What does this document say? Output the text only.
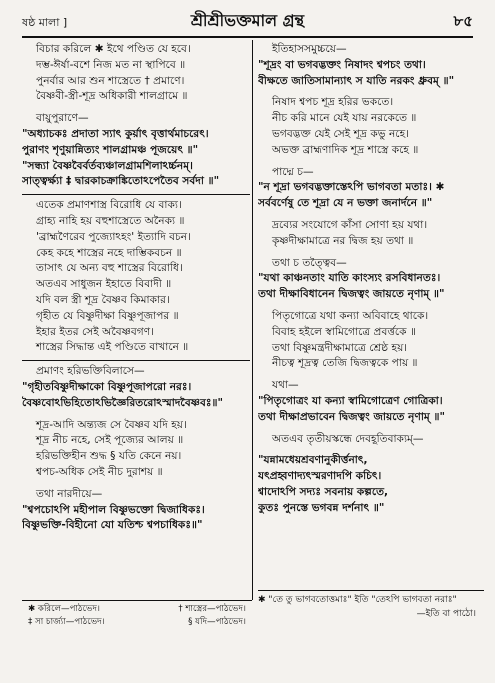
ষষ্ঠ মালা ]	শ্রীশ্রীভক্তমাল গ্রন্থ	৮৫
বিচার করিলে ✱ ইথে পণ্ডিত যে হবে।
দম্ভ-ঈর্ষা-বশে নিজ মত না স্থাপিবে ॥
পুনর্বার আর শুন শাস্ত্রেতে † প্রমাণে।
বৈষ্ণবী-স্ত্রী-শূদ্র অধিকারী শালগ্রামে ॥
বায়ুপুরাণে—
"অধ্যাচকঃ প্রদাতা স্যাৎ কুর্য়াৎ বৃত্তার্থমাচরেৎ।
পুরাণং শৃণুয়ান্নিত্যং শালগ্রামঞ্চ পূজয়েৎ ॥"
"সন্ধ্যা বৈষ্ণবৈর্বর্তব্যঞ্চালগ্রামশিলাঽর্চ্চনম্।
সাত্ত্বর্ক্ষ্যা ‡ দ্বারকাচক্রাঙ্কিতোঽপেতৈব সর্বদা ॥"
এতেক প্রমাণশাস্ত্র বিরোধি যে বাক্য।
গ্রাহ্য নাহি হয় বহুশাস্ত্রেতে অনৈক্য ॥
'ব্রাহ্মণৈরেব পুজ্যোঽহং' ইত্যাদি বচন।
কেহ কহে শাস্ত্রের নহে দাম্ভিকবচন ॥
তাসাৎ যে অন্য বহু শাস্ত্রের বিরোধি।
অতএব সাধুজন ইহাতে বিবাদী ॥
যদি বল স্ত্রী শূদ্র বৈষ্ণব কিমাকার।
গৃহীত যে বিষ্ণুদীক্ষা বিষ্ণুপূজাপর ॥
ইহার ইতর সেই অবৈষ্ণবগণ।
শাস্ত্রের সিদ্ধান্ত এই পণ্ডিতে বাখানে ॥
প্রমাণং হরিভক্তিবিলাসে—
"গৃহীতবিষ্ণুদীক্ষাকো বিষ্ণুপূজাপরো নরঃ।
বৈষ্ণবোঽভিহিতোঽভিজ্ঞৈরিতরোঽস্মাদবৈষ্ণবঃ॥"
শূদ্র-আদি অন্ত্যজ সে বৈষ্ণব যদি হয়।
শূদ্র নীচ নহে, সেই পূজ্যের আলয় ॥
হরিভক্তিহীন শুদ্ধ § যতি কেনে নয়।
শ্বপচ-অধিক সেই নীচ দুরাশয় ॥
তথা নারদীয়ে—
"শ্বপচোঽপি মহীপাল বিষ্ণুভক্তো দ্বিজাধিকঃ।
বিষ্ণুভক্তি-বিহীনো যো যতিশ্চ শ্বপচাধিকঃ॥"
ইতিহাসসমুচ্চয়ে—
"শূদ্রং বা ভগবদ্ভক্তং নিষাদং শ্বপচং তথা।
বীক্ষতে জাতিসামান্যাৎ স যাতি নরকং ধ্রুবম্ ॥"
নিষাদ শ্বপচ শূদ্র হরির ভকতে।
নীচ করি মানে যেই যায় নরকেতে ॥
ভগবদ্ভক্ত যেই সেই শূদ্র কভু নহে।
অভক্ত ব্রাহ্মণাদিক শূদ্র শাস্ত্রে কহে ॥
পাদ্মে চ—
"ন শূদ্রা ভগবদ্ভক্তাস্তেঽপি ভাগবতা মতাঃ। ✱
সর্ববর্ণেষু তে শূদ্রা যে ন ভক্তা জনার্দনে ॥"
দ্রব্যের সংযোগে কাঁসা সোণা হয় যথা।
কৃষ্ণদীক্ষামাত্রে নর দ্বিজ হয় তথা ॥
তথা চ তত্ত্বৈব—
"যথা কাঞ্চনতাং যাতি কাংস্যং রসবিধানতঃ।
তথা দীক্ষাবিধানেন দ্বিজত্বং জায়তে নৃণাম্ ॥"
পিতৃগোত্রে যথা কন্যা অবিবাহে থাকে।
বিবাহ হইলে স্বামিগোত্রে প্রবর্ত্তকে ॥
তথা বিষ্ণুমন্ত্রদীক্ষামাত্রে শ্রেষ্ঠ হয়।
নীচত্ব শূদ্রত্ব তেজি দ্বিজত্বকে পায় ॥
যথা—
"পিতৃগোত্রং যা কন্যা স্বামিগোত্রেণ গোত্রিকা।
তথা দীক্ষাপ্রভাবেন দ্বিজত্বং জায়তে নৃণাম্ ॥"
অতএব তৃতীয়স্কন্ধে দেবহূতিবাক্যম্—
"যন্নামধেয়শ্রবণানুকীর্ত্তনাৎ,
যৎপ্রহ্বণাদ্যৎস্মরণাদপি কচিৎ।
শ্বাদোঽপি সদ্যঃ সবনায় কল্পতে,
কুতঃ পুনস্তে ভগবন্ন দর্শনাৎ ॥"
✱ করিলে—পাঠভেদ।	† শাস্ত্রের—পাঠভেদ।
‡ সা চার্জ্যা—পাঠভেদ।	§ যদি—পাঠভেদ।
✱ "তে তু ভাগবতোত্তমাঃ" ইতি "তেঽপি ভাগবতা নরাঃ"
—ইতি বা পাঠো।
